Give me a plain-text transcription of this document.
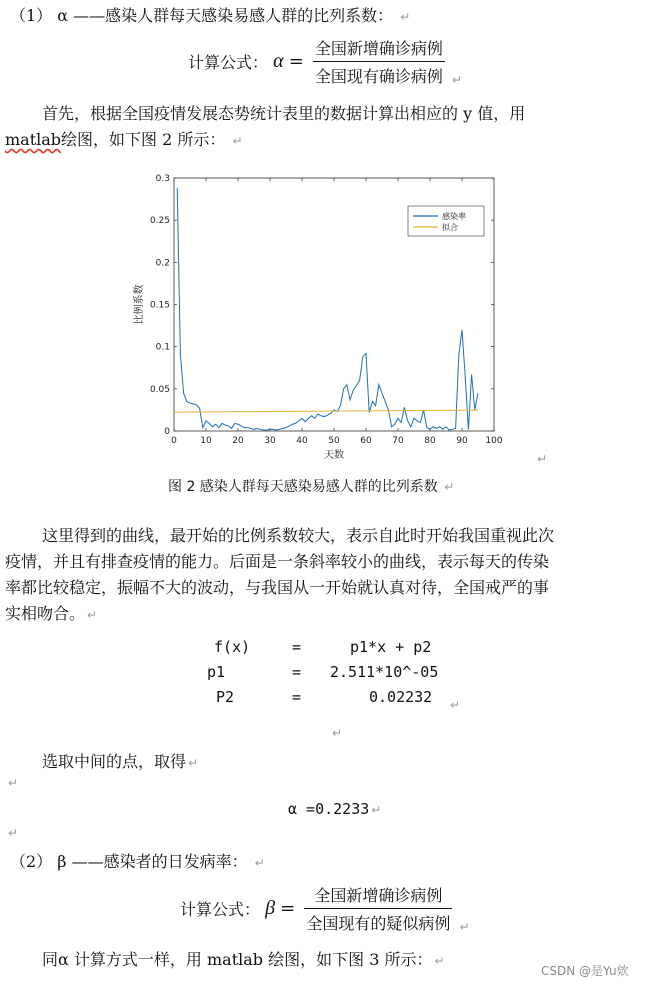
（1） α ——感染人群每天感染易感人群的比列系数： ↵
计算公式： $\alpha = \frac{\text{全国新增确诊病例}}{\text{全国现有确诊病例}}$ ↵
首先，根据全国疫情发展态势统计表里的数据计算出相应的 y 值，用
matlab绘图，如下图 2 所示： ↵
0	10 20 30 40 50 60 70 80 90 100
0
0.05
0.1
0.15
0.2
0.25
0.3
天数
比例系数
感染率
拟合
图 2 感染人群每天感染易感人群的比列系数 ↵
↵
这里得到的曲线，最开始的比例系数较大，表示自此时开始我国重视此次
疫情，并且有排查疫情的能力。后面是一条斜率较小的曲线，表示每天的传染
率都比较稳定，振幅不大的波动，与我国从一开始就认真对待，全国戒严的事
实相吻合。 ↵
f(x)	=	p1*x + p2
p1	= 2.511*10^-05
P2	=	0.02232 ↵
↵
选取中间的点，取得 ↵
↵
α =0.2233 ↵
↵
（2） β ——感染者的日发病率： ↵
计算公式： $\beta = \frac{\text{全国新增确诊病例}}{\text{全国现有的疑似病例}}$ ↵
同α 计算方式一样，用 matlab 绘图，如下图 3 所示： ↵
CSDN @是Yu欸
